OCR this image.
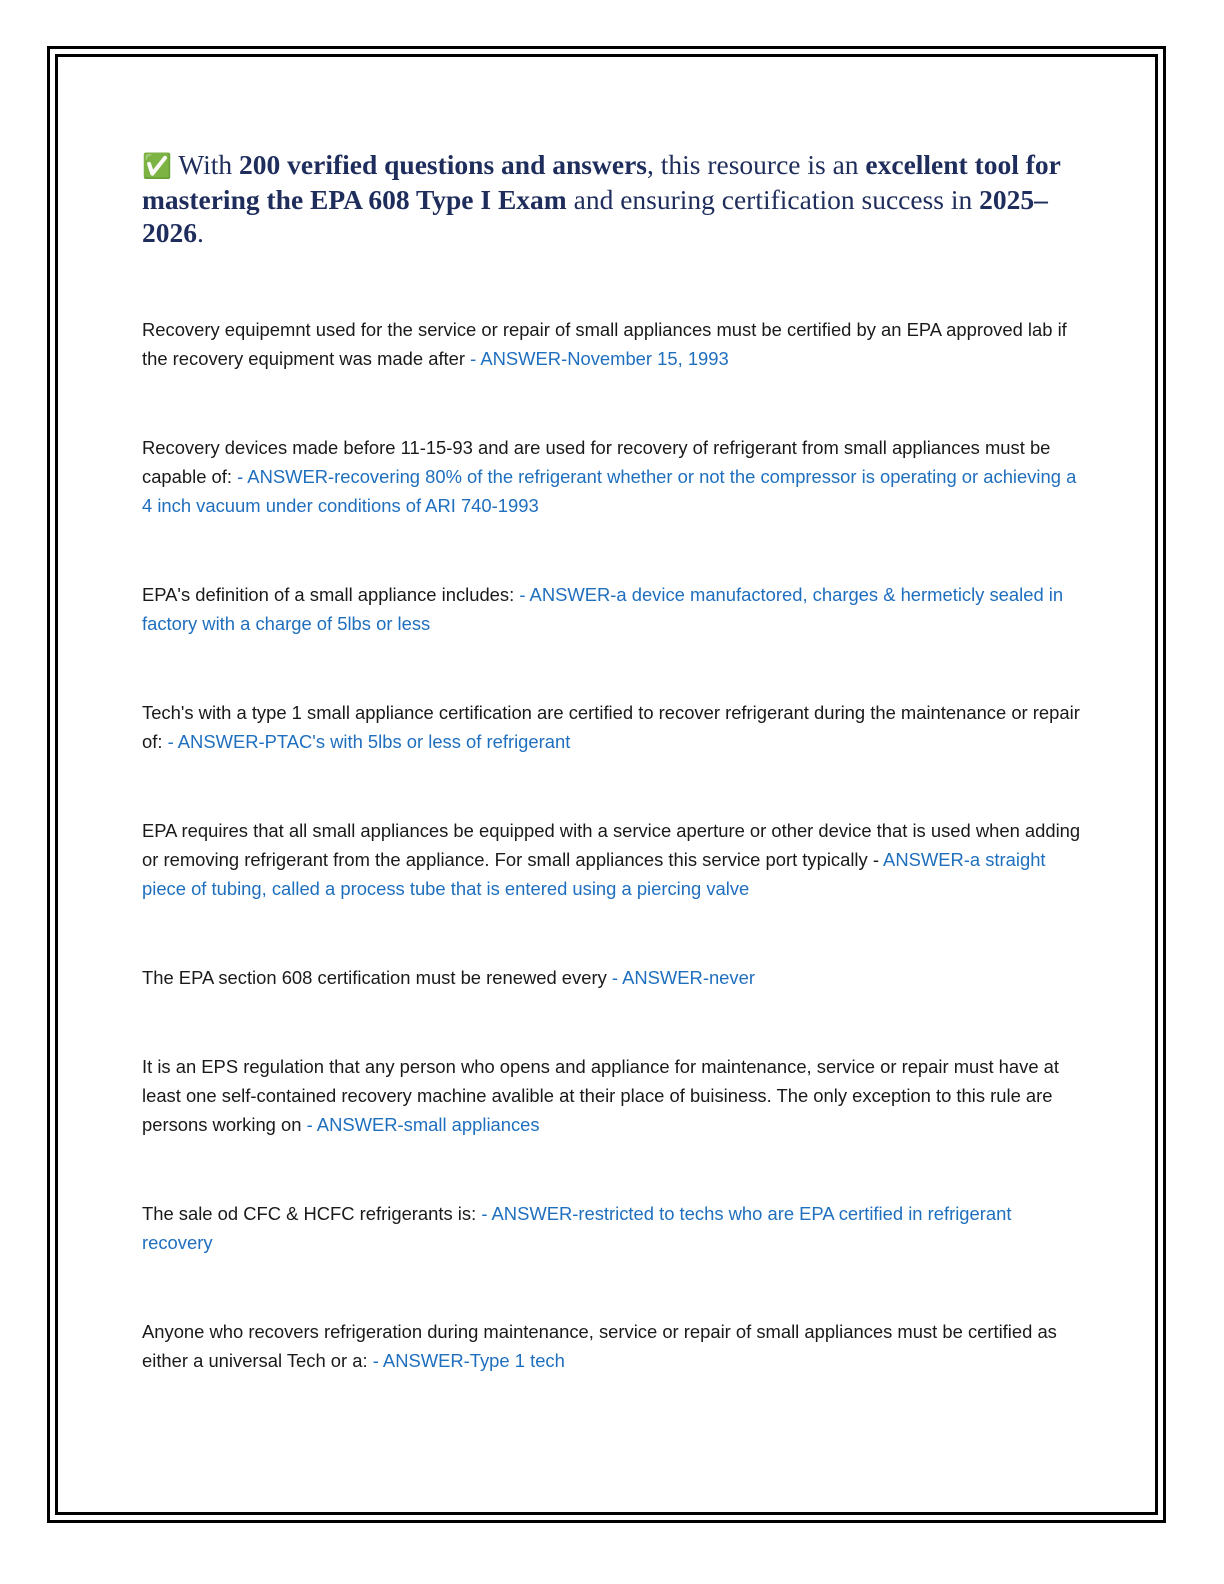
✅ With 200 verified questions and answers, this resource is an excellent tool for mastering the EPA 608 Type I Exam and ensuring certification success in 2025–2026.

Recovery equipemnt used for the service or repair of small appliances must be certified by an EPA approved lab if the recovery equipment was made after - ANSWER-November 15, 1993

Recovery devices made before 11-15-93 and are used for recovery of refrigerant from small appliances must be capable of: - ANSWER-recovering 80% of the refrigerant whether or not the compressor is operating or achieving a 4 inch vacuum under conditions of ARI 740-1993

EPA's definition of a small appliance includes: - ANSWER-a device manufactored, charges & hermeticly sealed in factory with a charge of 5lbs or less

Tech's with a type 1 small appliance certification are certified to recover refrigerant during the maintenance or repair of: - ANSWER-PTAC's with 5lbs or less of refrigerant

EPA requires that all small appliances be equipped with a service aperture or other device that is used when adding or removing refrigerant from the appliance. For small appliances this service port typically - ANSWER-a straight piece of tubing, called a process tube that is entered using a piercing valve

The EPA section 608 certification must be renewed every - ANSWER-never

It is an EPS regulation that any person who opens and appliance for maintenance, service or repair must have at least one self-contained recovery machine avalible at their place of buisiness. The only exception to this rule are persons working on - ANSWER-small appliances

The sale od CFC & HCFC refrigerants is: - ANSWER-restricted to techs who are EPA certified in refrigerant recovery

Anyone who recovers refrigeration during maintenance, service or repair of small appliances must be certified as either a universal Tech or a: - ANSWER-Type 1 tech
